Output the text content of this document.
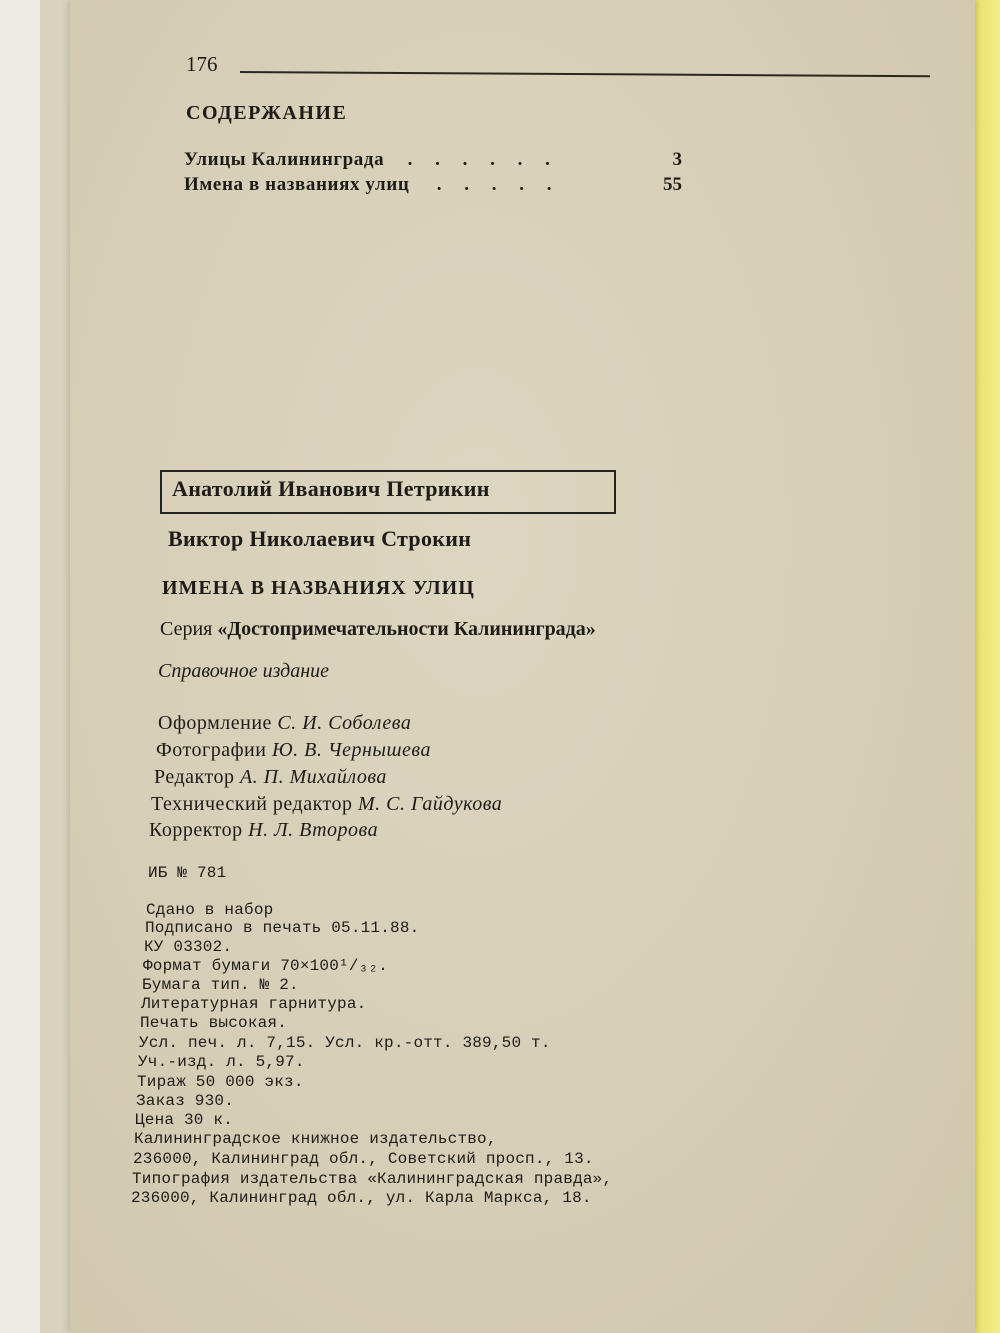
176
СОДЕРЖАНИЕ
Улицы Калининграда . . . . . .	3
Имена в названиях улиц . . . . .	55
Анатолий Иванович Петрикин
Виктор Николаевич Строкин
ИМЕНА В НАЗВАНИЯХ УЛИЦ
Серия «Достопримечательности Калининграда»
Справочное издание
Оформление С. И. Соболева
Фотографии Ю. В. Чернышева
Редактор А. П. Михайлова
Технический редактор М. С. Гайдукова
Корректор Н. Л. Второва
ИБ № 781
Сдано в набор
Подписано в печать 05.11.88.
КУ 03302.
Формат бумаги 70×100¹/₃₂.
Бумага тип. № 2.
Литературная гарнитура.
Печать высокая.
Усл. печ. л. 7,15. Усл. кр.-отт. 389,50 т.
Уч.-изд. л. 5,97.
Тираж 50 000 экз.
Заказ 930.
Цена 30 к.
Калининградское книжное издательство,
236000, Калининград обл., Советский просп., 13.
Типография издательства «Калининградская правда»,
236000, Калининград обл., ул. Карла Маркса, 18.
